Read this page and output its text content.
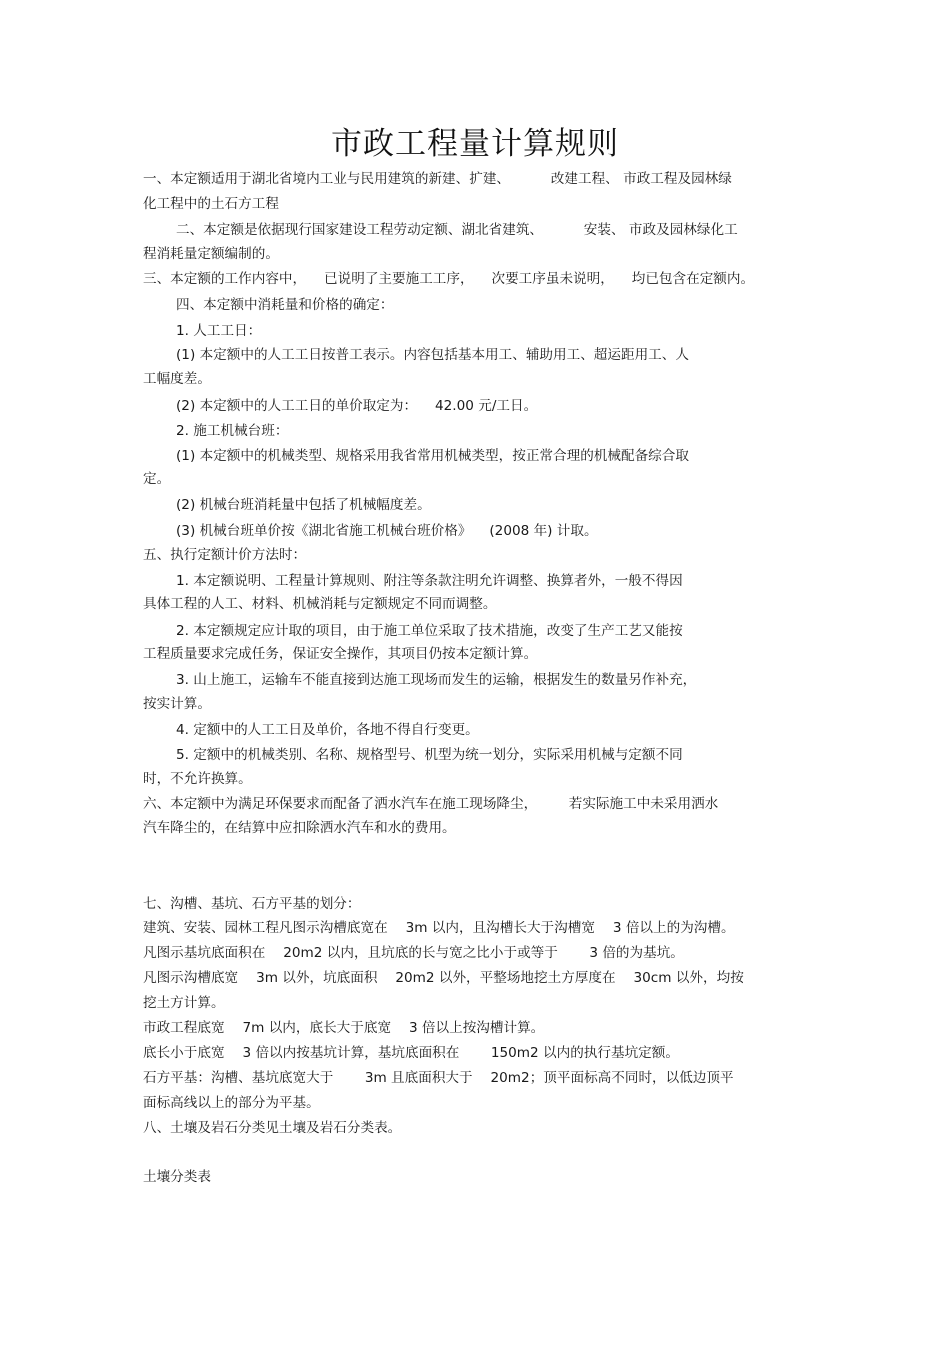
市政工程量计算规则
一、本定额适用于湖北省境内工业与民用建筑的新建、扩建、   改建工程、 市政工程及园林绿
化工程中的土石方工程
二、本定额是依据现行国家建设工程劳动定额、湖北省建筑、   安装、 市政及园林绿化工
程消耗量定额编制的。
三、本定额的工作内容中，  已说明了主要施工工序，  次要工序虽未说明，  均已包含在定额内。
四、本定额中消耗量和价格的确定：
1. 人工工日：
(1) 本定额中的人工工日按普工表示。内容包括基本用工、辅助用工、超运距用工、人
工幅度差。
(2) 本定额中的人工工日的单价取定为：  42.00 元/工日。
2. 施工机械台班：
(1) 本定额中的机械类型、规格采用我省常用机械类型，按正常合理的机械配备综合取
定。
(2) 机械台班消耗量中包括了机械幅度差。
(3) 机械台班单价按《湖北省施工机械台班价格》  (2008 年) 计取。
五、执行定额计价方法时：
1. 本定额说明、工程量计算规则、附注等条款注明允许调整、换算者外，一般不得因
具体工程的人工、材料、机械消耗与定额规定不同而调整。
2. 本定额规定应计取的项目，由于施工单位采取了技术措施，改变了生产工艺又能按
工程质量要求完成任务，保证安全操作，其项目仍按本定额计算。
3. 山上施工，运输车不能直接到达施工现场而发生的运输，根据发生的数量另作补充，
按实计算。
4. 定额中的人工工日及单价，各地不得自行变更。
5. 定额中的机械类别、名称、规格型号、机型为统一划分，实际采用机械与定额不同
时，不允许换算。
六、本定额中为满足环保要求而配备了洒水汽车在施工现场降尘，   若实际施工中未采用洒水
汽车降尘的，在结算中应扣除洒水汽车和水的费用。
七、沟槽、基坑、石方平基的划分：
建筑、安装、园林工程凡图示沟槽底宽在  3m 以内，且沟槽长大于沟槽宽  3 倍以上的为沟槽。
凡图示基坑底面积在  20m2 以内，且坑底的长与宽之比小于或等于   3 倍的为基坑。
凡图示沟槽底宽  3m 以外，坑底面积  20m2 以外，平整场地挖土方厚度在  30cm 以外，均按
挖土方计算。
市政工程底宽  7m 以内，底长大于底宽  3 倍以上按沟槽计算。
底长小于底宽  3 倍以内按基坑计算，基坑底面积在   150m2 以内的执行基坑定额。
石方平基：沟槽、基坑底宽大于   3m 且底面积大于  20m2；顶平面标高不同时，以低边顶平
面标高线以上的部分为平基。
八、土壤及岩石分类见土壤及岩石分类表。
土壤分类表
